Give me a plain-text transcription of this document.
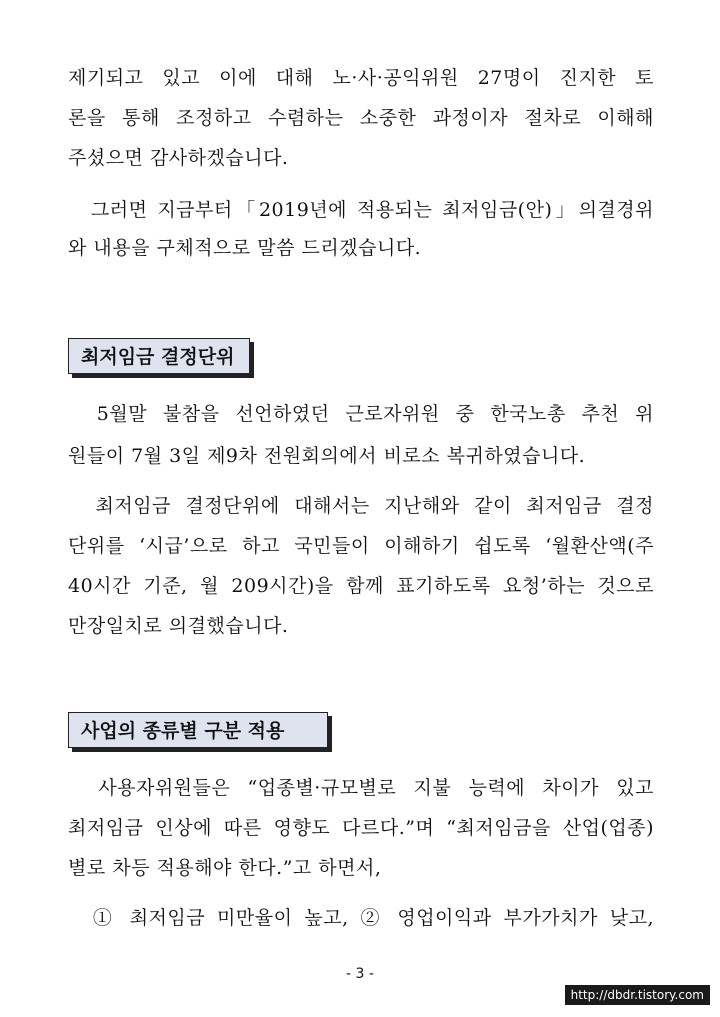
제기되고 있고 이에 대해 노·사·공익위원 27명이 진지한 토
론을 통해 조정하고 수렴하는 소중한 과정이자 절차로 이해해
주셨으면 감사하겠습니다.
　그러면 지금부터「2019년에 적용되는 최저임금(안)」의결경위
와 내용을 구체적으로 말씀 드리겠습니다.
최저임금 결정단위
　5월말 불참을 선언하였던 근로자위원 중 한국노총 추천 위
원들이 7월 3일 제9차 전원회의에서 비로소 복귀하였습니다.
　최저임금 결정단위에 대해서는 지난해와 같이 최저임금 결정
단위를 ‘시급’으로 하고 국민들이 이해하기 쉽도록 ‘월환산액(주
40시간 기준, 월 209시간)을 함께 표기하도록 요청’하는 것으로
만장일치로 의결했습니다.
사업의 종류별 구분 적용
　사용자위원들은 “업종별·규모별로 지불 능력에 차이가 있고
최저임금 인상에 따른 영향도 다르다.”며 “최저임금을 산업(업종)
별로 차등 적용해야 한다.”고 하면서,
　① 최저임금 미만율이 높고, ② 영업이익과 부가가치가 낮고,
- 3 -
http://dbdr.tistory.com
